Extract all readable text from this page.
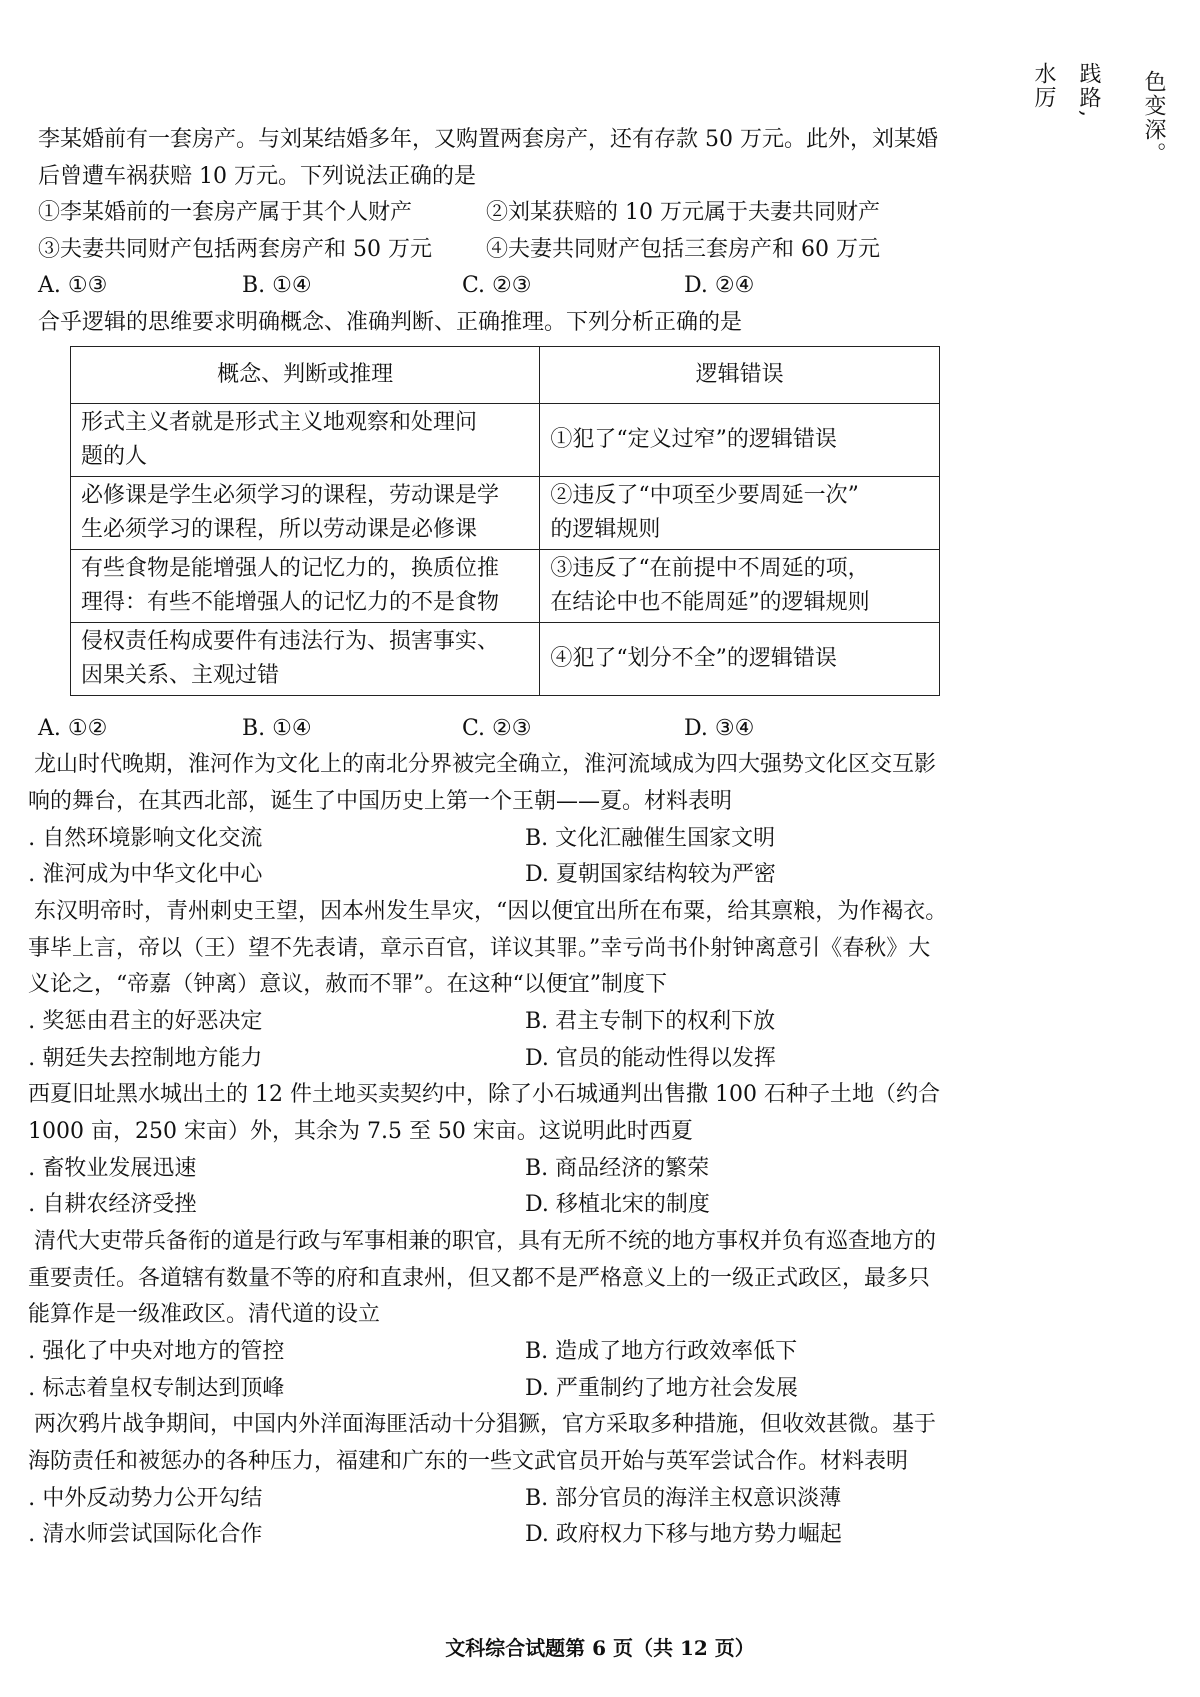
色变深。
践路,
水厉
李某婚前有一套房产。与刘某结婚多年，又购置两套房产，还有存款 50 万元。此外，刘某婚
后曾遭车祸获赔 10 万元。下列说法正确的是
①李某婚前的一套房产属于其个人财产	②刘某获赔的 10 万元属于夫妻共同财产
③夫妻共同财产包括两套房产和 50 万元 ④夫妻共同财产包括三套房产和 60 万元
A. ①③	B. ①④	C. ②③	D. ②④
合乎逻辑的思维要求明确概念、准确判断、正确推理。下列分析正确的是
概念、判断或推理	逻辑错误
形式主义者就是形式主义地观察和处理问
题的人	①犯了“定义过窄”的逻辑错误
必修课是学生必须学习的课程，劳动课是学
生必须学习的课程，所以劳动课是必修课	②违反了“中项至少要周延一次”
的逻辑规则
有些食物是能增强人的记忆力的，换质位推
理得：有些不能增强人的记忆力的不是食物	③违反了“在前提中不周延的项，
在结论中也不能周延”的逻辑规则
侵权责任构成要件有违法行为、损害事实、
因果关系、主观过错	④犯了“划分不全”的逻辑错误
A. ①②	B. ①④	C. ②③	D. ③④
龙山时代晚期，淮河作为文化上的南北分界被完全确立，淮河流域成为四大强势文化区交互影
响的舞台，在其西北部，诞生了中国历史上第一个王朝——夏。材料表明
․ 自然环境影响文化交流	B. 文化汇融催生国家文明
․ 淮河成为中华文化中心	D. 夏朝国家结构较为严密
东汉明帝时，青州刺史王望，因本州发生旱灾，“因以便宜出所在布粟，给其禀粮，为作褐衣。
事毕上言，帝以（王）望不先表请，章示百官，详议其罪。”幸亏尚书仆射钟离意引《春秋》大
义论之，“帝嘉（钟离）意议，赦而不罪”。在这种“以便宜”制度下
․ 奖惩由君主的好恶决定	B. 君主专制下的权利下放
․ 朝廷失去控制地方能力	D. 官员的能动性得以发挥
西夏旧址黑水城出土的 12 件土地买卖契约中，除了小石城通判出售撒 100 石种子土地（约合
1000 亩，250 宋亩）外，其余为 7.5 至 50 宋亩。这说明此时西夏
․ 畜牧业发展迅速	B. 商品经济的繁荣
․ 自耕农经济受挫	D. 移植北宋的制度
清代大吏带兵备衔的道是行政与军事相兼的职官，具有无所不统的地方事权并负有巡查地方的
重要责任。各道辖有数量不等的府和直隶州，但又都不是严格意义上的一级正式政区，最多只
能算作是一级准政区。清代道的设立
․ 强化了中央对地方的管控	B. 造成了地方行政效率低下
․ 标志着皇权专制达到顶峰	D. 严重制约了地方社会发展
两次鸦片战争期间，中国内外洋面海匪活动十分猖獗，官方采取多种措施，但收效甚微。基于
海防责任和被惩办的各种压力，福建和广东的一些文武官员开始与英军尝试合作。材料表明
․ 中外反动势力公开勾结	B. 部分官员的海洋主权意识淡薄
․ 清水师尝试国际化合作	D. 政府权力下移与地方势力崛起
文科综合试题第 6 页（共 12 页）
